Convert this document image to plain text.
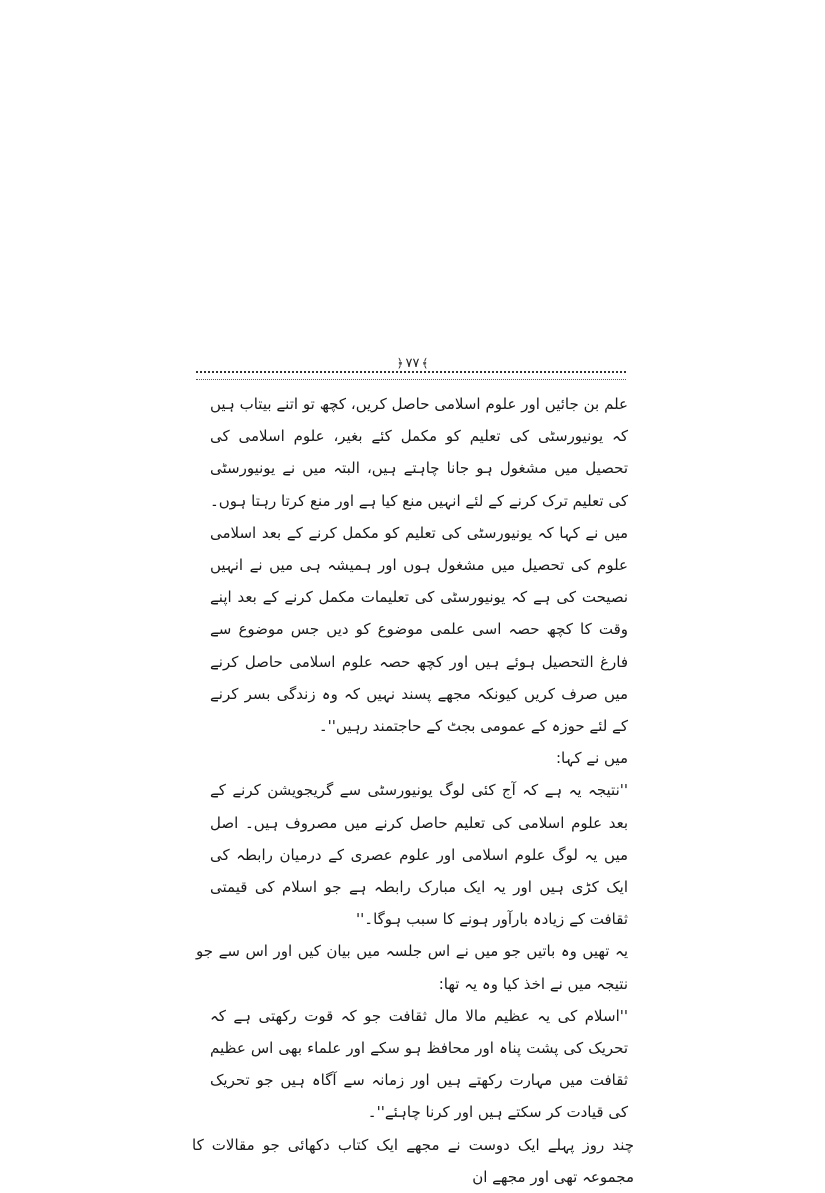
﴿ ۷۷ ﴾

علم بن جائیں اور علوم اسلامی حاصل کریں، کچھ تو اتنے بیتاب ہیں کہ یونیورسٹی کی تعلیم کو مکمل کئے بغیر، علوم اسلامی کی تحصیل میں مشغول ہو جانا چاہتے ہیں، البتہ میں نے یونیورسٹی کی تعلیم ترک کرنے کے لئے انہیں منع کیا ہے اور منع کرتا رہتا ہوں۔ میں نے کہا کہ یونیورسٹی کی تعلیم کو مکمل کرنے کے بعد اسلامی علوم کی تحصیل میں مشغول ہوں اور ہمیشہ ہی میں نے انہیں نصیحت کی ہے کہ یونیورسٹی کی تعلیمات مکمل کرنے کے بعد اپنے وقت کا کچھ حصہ اسی علمی موضوع کو دیں جس موضوع سے فارغ التحصیل ہوئے ہیں اور کچھ حصہ علوم اسلامی حاصل کرنے میں صرف کریں کیونکہ مجھے پسند نہیں کہ وہ زندگی بسر کرنے کے لئے حوزہ کے عمومی بجٹ کے حاجتمند رہیں''۔

میں نے کہا:

''نتیجہ یہ ہے کہ آج کئی لوگ یونیورسٹی سے گریجویشن کرنے کے بعد علوم اسلامی کی تعلیم حاصل کرنے میں مصروف ہیں۔ اصل میں یہ لوگ علوم اسلامی اور علوم عصری کے درمیان رابطہ کی ایک کڑی ہیں اور یہ ایک مبارک رابطہ ہے جو اسلام کی قیمتی ثقافت کے زیادہ بارآور ہونے کا سبب ہوگا۔''

یہ تھیں وہ باتیں جو میں نے اس جلسہ میں بیان کیں اور اس سے جو نتیجہ میں نے اخذ کیا وہ یہ تھا:

''اسلام کی یہ عظیم مالا مال ثقافت جو کہ قوت رکھتی ہے کہ تحریک کی پشت پناہ اور محافظ ہو سکے اور علماء بھی اس عظیم ثقافت میں مہارت رکھتے ہیں اور زمانہ سے آگاہ ہیں جو تحریک کی قیادت کر سکتے ہیں اور کرنا چاہئے''۔

چند روز پہلے ایک دوست نے مجھے ایک کتاب دکھائی جو مقالات کا مجموعہ تھی اور مجھے ان
